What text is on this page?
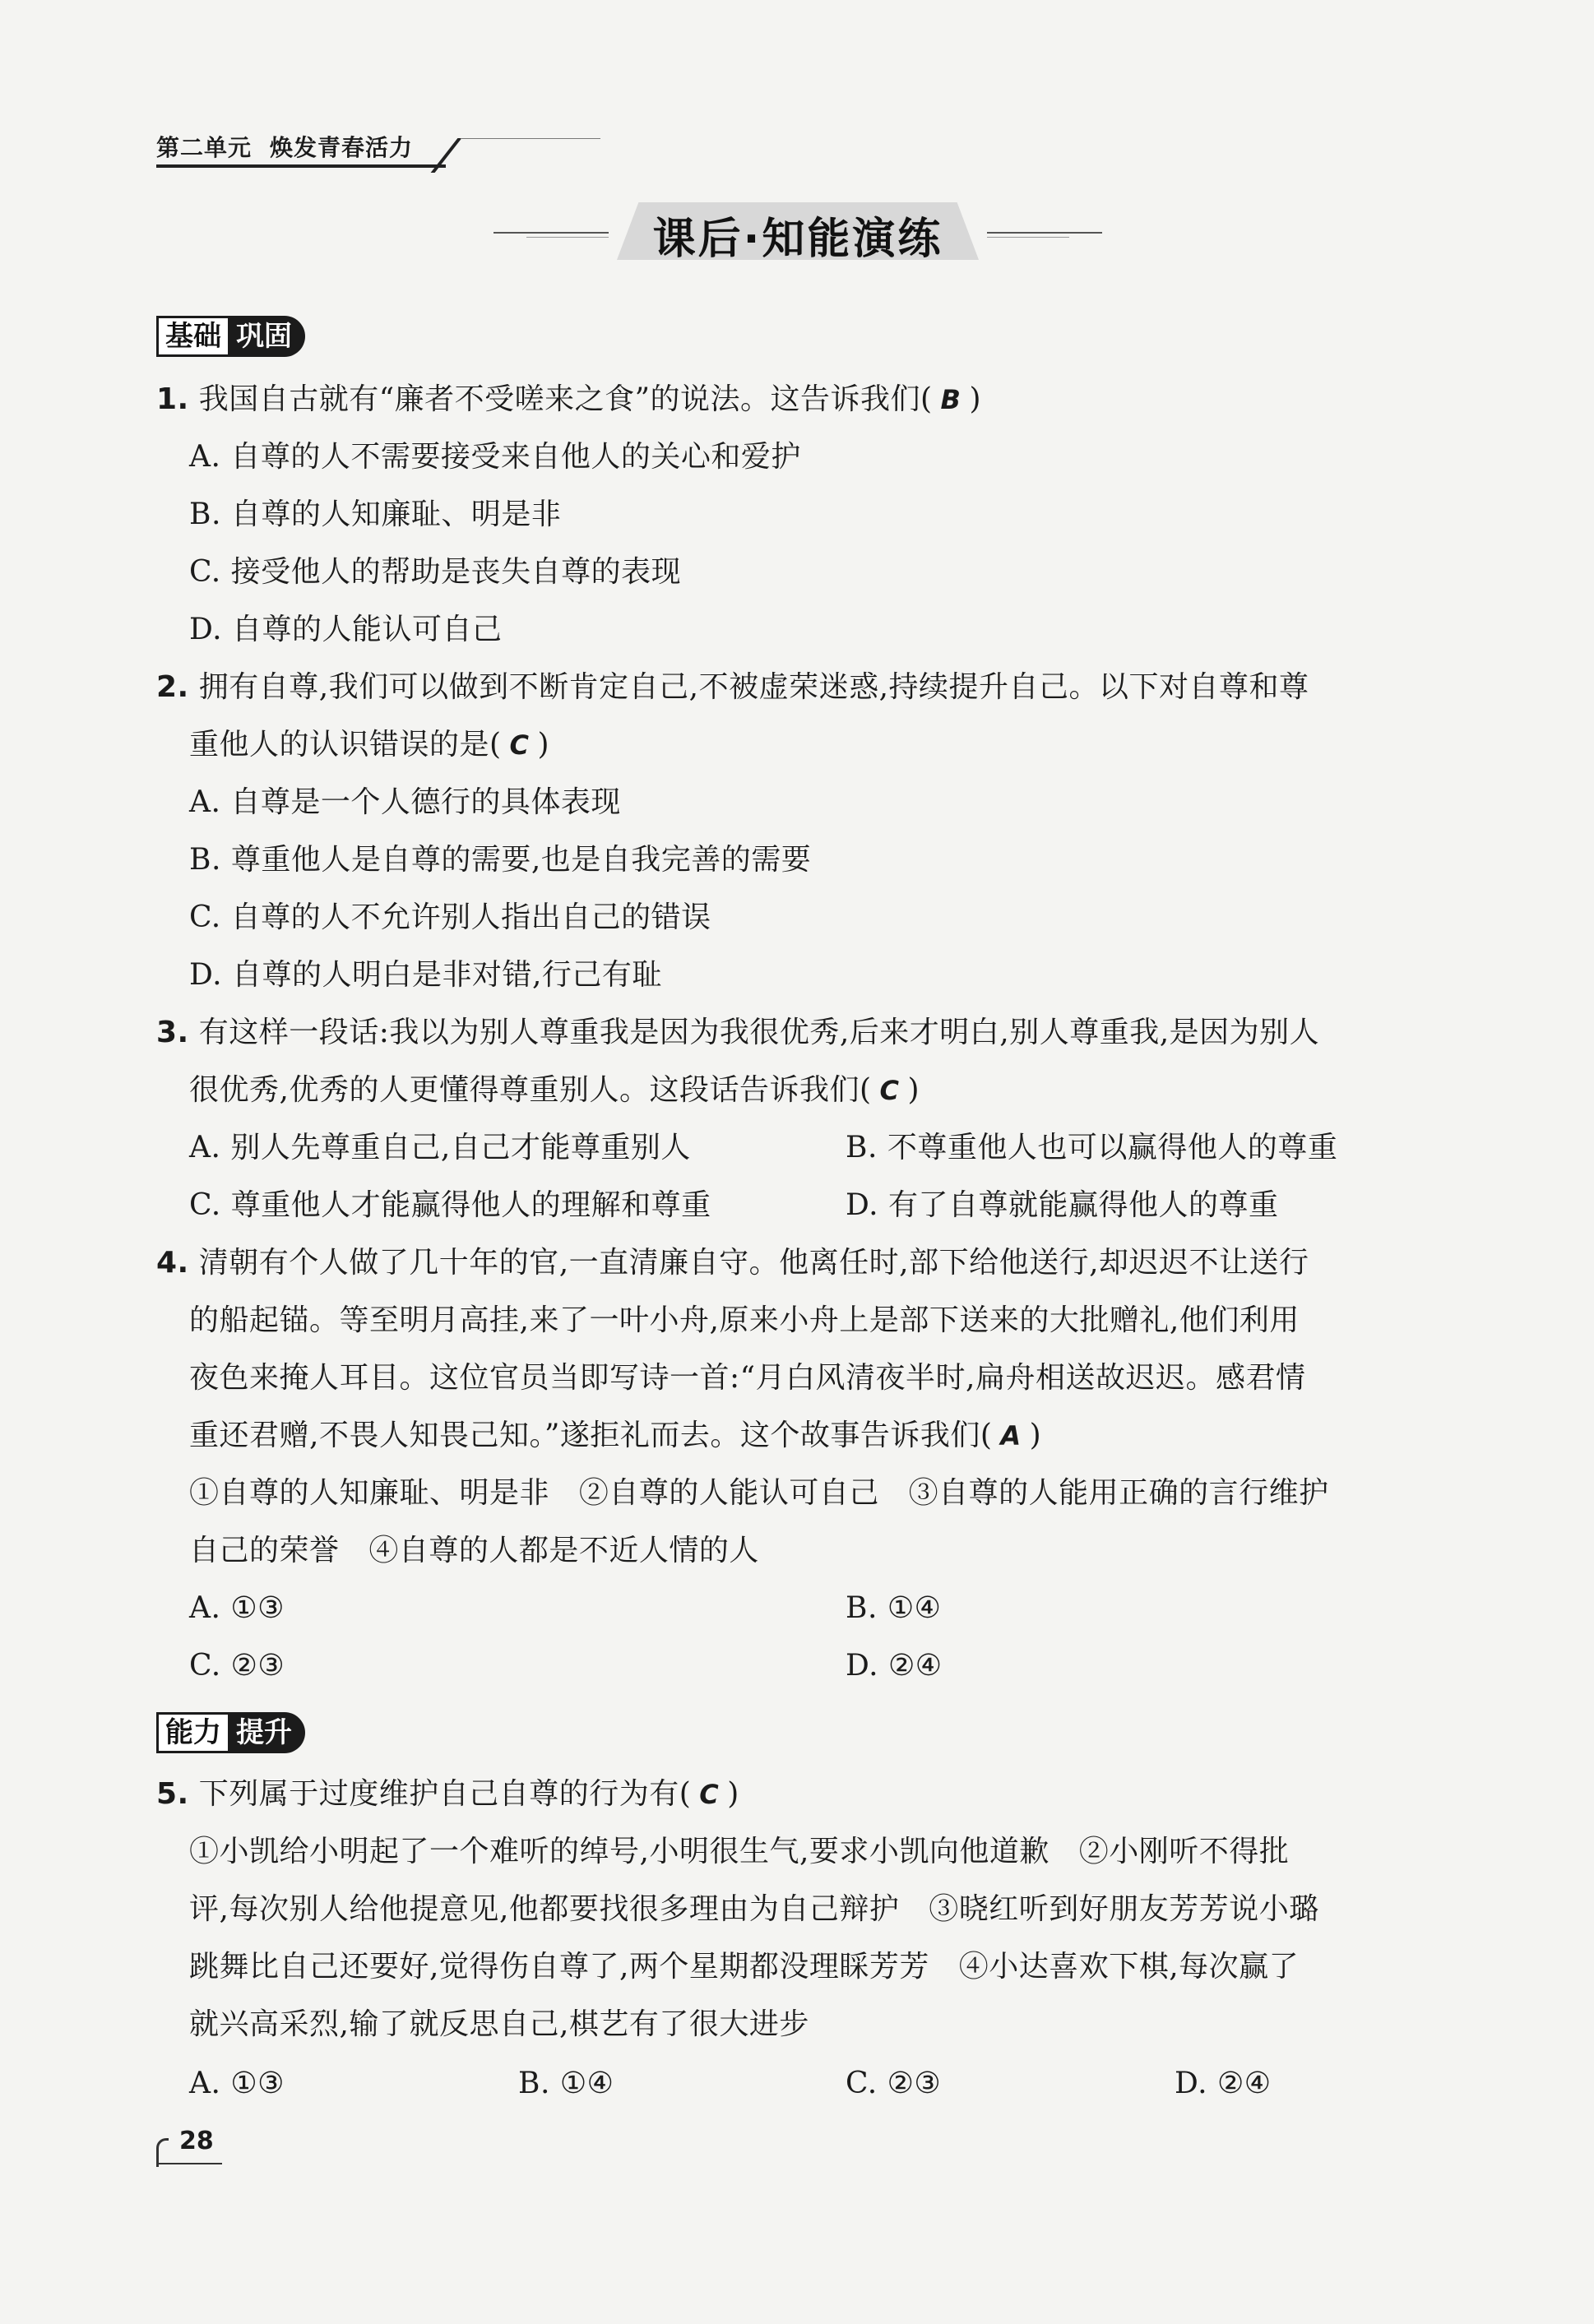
第二单元 焕发青春活力
课后·知能演练
基础 巩固
1. 我国自古就有“廉者不受嗟来之食”的说法。这告诉我们( B )
A. 自尊的人不需要接受来自他人的关心和爱护
B. 自尊的人知廉耻、明是非
C. 接受他人的帮助是丧失自尊的表现
D. 自尊的人能认可自己
2. 拥有自尊,我们可以做到不断肯定自己,不被虚荣迷惑,持续提升自己。以下对自尊和尊
重他人的认识错误的是( C )
A. 自尊是一个人德行的具体表现
B. 尊重他人是自尊的需要,也是自我完善的需要
C. 自尊的人不允许别人指出自己的错误
D. 自尊的人明白是非对错,行己有耻
3. 有这样一段话:我以为别人尊重我是因为我很优秀,后来才明白,别人尊重我,是因为别人
很优秀,优秀的人更懂得尊重别人。这段话告诉我们( C )
A. 别人先尊重自己,自己才能尊重别人	B. 不尊重他人也可以赢得他人的尊重
C. 尊重他人才能赢得他人的理解和尊重	D. 有了自尊就能赢得他人的尊重
4. 清朝有个人做了几十年的官,一直清廉自守。他离任时,部下给他送行,却迟迟不让送行
的船起锚。等至明月高挂,来了一叶小舟,原来小舟上是部下送来的大批赠礼,他们利用
夜色来掩人耳目。这位官员当即写诗一首:“月白风清夜半时,扁舟相送故迟迟。感君情
重还君赠,不畏人知畏己知。”遂拒礼而去。这个故事告诉我们( A )
①自尊的人知廉耻、明是非   ②自尊的人能认可自己   ③自尊的人能用正确的言行维护
自己的荣誉   ④自尊的人都是不近人情的人
A. ①③	B. ①④
C. ②③	D. ②④
能力 提升
5. 下列属于过度维护自己自尊的行为有( C )
①小凯给小明起了一个难听的绰号,小明很生气,要求小凯向他道歉   ②小刚听不得批
评,每次别人给他提意见,他都要找很多理由为自己辩护   ③晓红听到好朋友芳芳说小璐
跳舞比自己还要好,觉得伤自尊了,两个星期都没理睬芳芳   ④小达喜欢下棋,每次赢了
就兴高采烈,输了就反思自己,棋艺有了很大进步
A. ①③	B. ①④	C. ②③	D. ②④
28
